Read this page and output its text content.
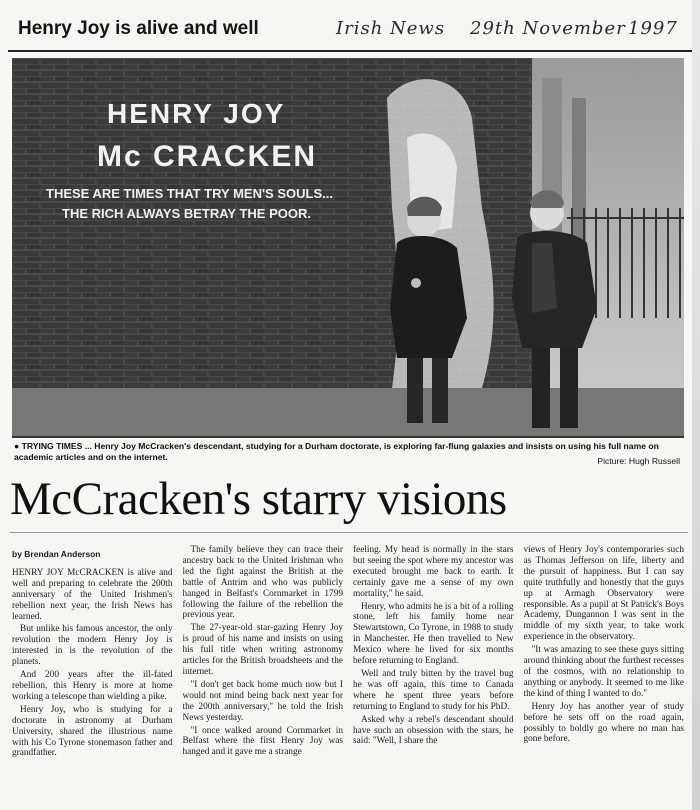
Henry Joy is alive and well	Irish News 29th November 1997
HENRY JOY
Mc CRACKEN
THESE ARE TIMES THAT TRY MEN'S SOULS...
THE RICH ALWAYS BETRAY THE POOR.
● TRYING TIMES ... Henry Joy McCracken's descendant, studying for a Durham doctorate, is exploring far-flung galaxies and insists on using his full name on academic articles and on the internet.	Picture: Hugh Russell
McCracken's starry visions
by Brendan Anderson

HENRY JOY McCRACKEN is alive and well and preparing to celebrate the 200th anniversary of the United Irishmen's rebellion next year, the Irish News has learned.

But unlike his famous ancestor, the only revolution the modern Henry Joy is interested in is the revolution of the planets.

And 200 years after the ill-fated rebellion, this Henry is more at home working a telescope than wielding a pike.

Henry Joy, who is studying for a doctorate in astronomy at Durham University, shared the illustrious name with his Co Tyrone stonemason father and grandfather.

The family believe they can trace their ancestry back to the United Irishman who led the fight against the British at the battle of Antrim and who was publicly hanged in Belfast's Cornmarket in 1799 following the failure of the rebellion the previous year.

The 27-year-old star-gazing Henry Joy is proud of his name and insists on using his full title when writing astronomy articles for the British broadsheets and the internet.

"I don't get back home much now but I would not mind being back next year for the 200th anniversary," he told the Irish News yesterday.

"I once walked around Cornmarket in Belfast where the first Henry Joy was hanged and it gave me a strange

feeling. My head is normally in the stars but seeing the spot where my ancestor was executed brought me back to earth. It certainly gave me a sense of my own mortality," he said.

Henry, who admits he is a bit of a rolling stone, left his family home near Stewartstown, Co Tyrone, in 1988 to study in Manchester. He then travelled to New Mexico where he lived for six months before returning to England.

Well and truly bitten by the travel bug he was off again, this time to Canada where he spent three years before returning to England to study for his PhD.

Asked why a rebel's descendant should have such an obsession with the stars, he said: "Well, I share the

views of Henry Joy's contemporaries such as Thomas Jefferson on life, liberty and the pursuit of happiness. But I can say quite truthfully and honestly that the guys up at Armagh Observatory were responsible. As a pupil at St Patrick's Boys Academy, Dungannon I was sent in the middle of my sixth year, to take work experience in the observatory.

"It was amazing to see these guys sitting around thinking about the furthest recesses of the cosmos, with no relationship to anything or anybody. It seemed to me like the kind of thing I wanted to do."

Henry Joy has another year of study before he sets off on the road again, possibly to boldly go where no man has gone before.
